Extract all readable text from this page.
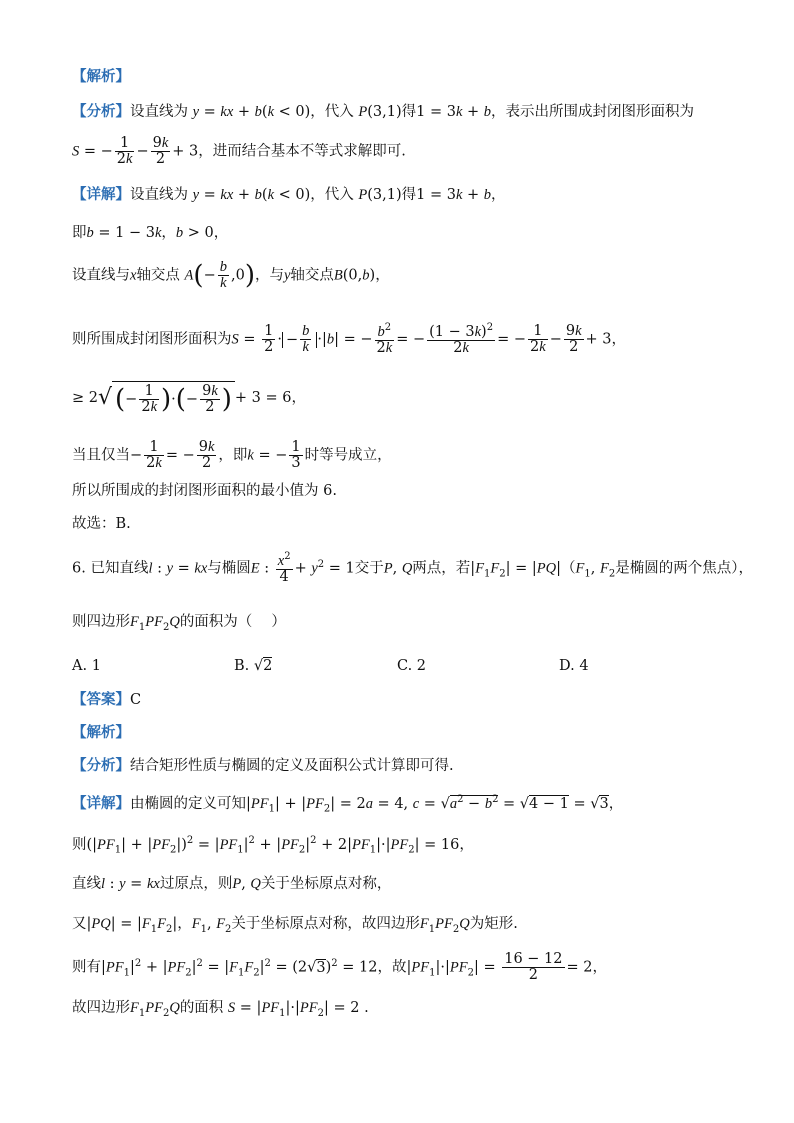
【解析】
【分析】设直线为 y = kx + b(k < 0)，代入 P(3,1)得1 = 3k + b，表示出所围成封闭图形面积为
S = − $\frac{1}{2k} - \frac{9k}{2} + 3$，进而结合基本不等式求解即可.
【详解】设直线为 y = kx + b(k < 0)，代入 P(3,1)得1 = 3k + b，
即b = 1 − 3k，b > 0，
设直线与x轴交点 $A(- \frac{b}{k} ,0)$，与y轴交点B(0,b)，
则所围成封闭图形面积为$S = \frac{1}{2}$ · − $\frac{b}{k} \cdot|b|$ = − $\frac{b^2}{2k}$ = − $\frac{(1 - 3k)^2}{2k}$ = − $\frac{1}{2k} - \frac{9k}{2} + 3$，
≥ 2√ (− $\frac{1}{2k}$ )·(− $\frac{9k}{2}$ ) + 3 = 6，
当且仅当− $\frac{1}{2k}$ = − $\frac{9k}{2}$ ，即k = − $\frac{1}{3}$ 时等号成立，
所以所围成的封闭图形面积的最小值为 6.
故选：B.
6. 已知直线l : y = kx与椭圆E : $\frac{x^2}{4} + y^2 = 1$交于P, Q两点，若$|F_1F_2| = |PQ|(F_1$, $F_2$是椭圆的两个焦点），
则四边形$F_1PF_2Q$的面积为（　 ）
A. 1	B. √2	C. 2	D. 4
【答案】C
【解析】
【分析】结合矩形性质与椭圆的定义及面积公式计算即可得.
【详解】由椭圆的定义可知$|PF_1| + |PF_2| = 2a = 4$, $c = √a^2 - b^2 = √4 - 1 = √3$，
则$(|PF_1| + |PF_2|)^2 = |PF_1|^2 + |PF_2|^2 + 2|PF_1|\cdot|PF_2| = 16$，
直线l : y = kx过原点，则P, Q关于坐标原点对称，
又$|PQ| = |F_1F_2|$，$F_1$, $F_2$关于坐标原点对称，故四边形$F_1PF_2Q$为矩形.
则有$|PF_1|^2 + |PF_2|^2 = |F_1F_2|^2 = (2√3)^2 = 12$，故$|PF_1|\cdot|PF_2| = \frac{16 - 12}{2} = 2$，
故四边形$F_1PF_2Q$的面积 $S = |PF_1|\cdot|PF_2| = 2$ .
